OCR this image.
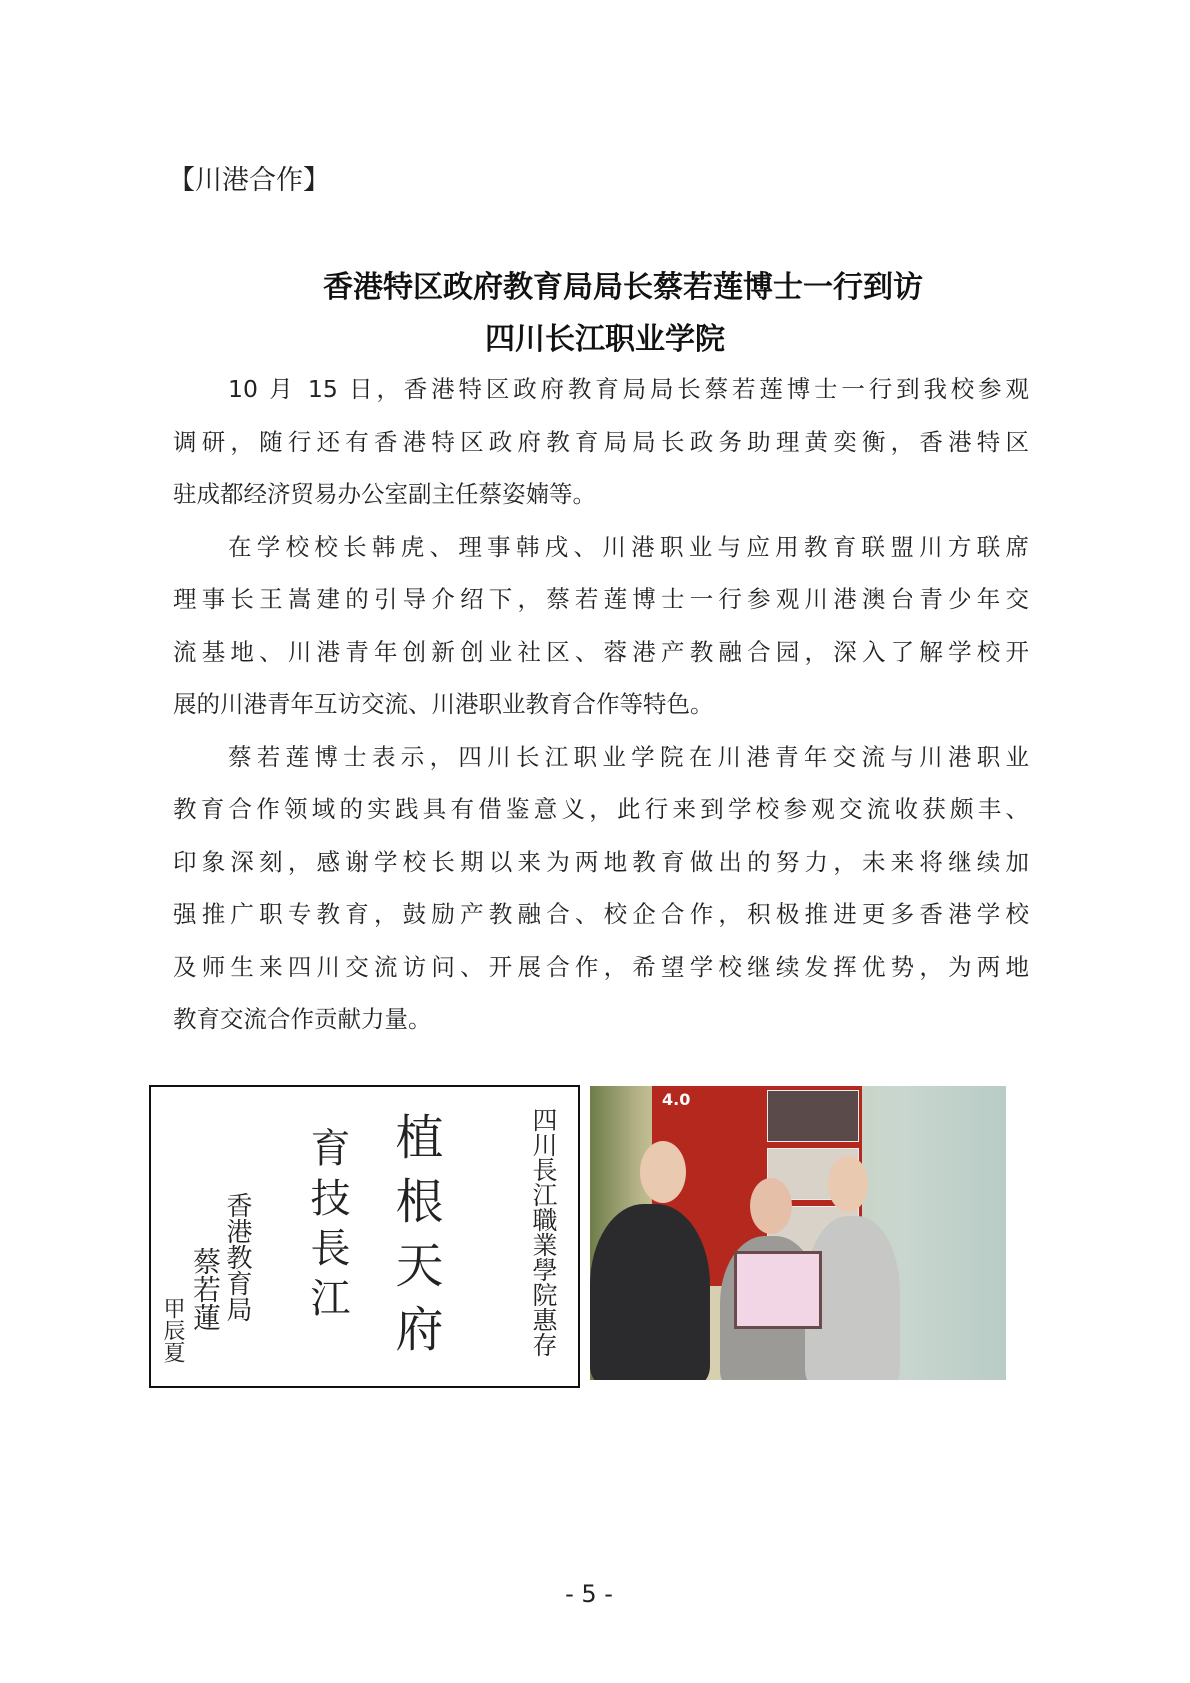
【川港合作】
香港特区政府教育局局长蔡若莲博士一行到访
四川长江职业学院
10 月 15 日，香港特区政府教育局局长蔡若莲博士一行到我校参观
调研，随行还有香港特区政府教育局局长政务助理黄奕衡，香港特区
驻成都经济贸易办公室副主任蔡姿婻等。
在学校校长韩虎、理事韩戌、川港职业与应用教育联盟川方联席
理事长王嵩建的引导介绍下，蔡若莲博士一行参观川港澳台青少年交
流基地、川港青年创新创业社区、蓉港产教融合园，深入了解学校开
展的川港青年互访交流、川港职业教育合作等特色。
蔡若莲博士表示，四川长江职业学院在川港青年交流与川港职业
教育合作领域的实践具有借鉴意义，此行来到学校参观交流收获颇丰、
印象深刻，感谢学校长期以来为两地教育做出的努力，未来将继续加
强推广职专教育，鼓励产教融合、校企合作，积极推进更多香港学校
及师生来四川交流访问、开展合作，希望学校继续发挥优势，为两地
教育交流合作贡献力量。
四川長江職業學院惠存
植根天府
育技長江
香港教育局
蔡若蓮
甲辰夏
4.0
- 5 -
